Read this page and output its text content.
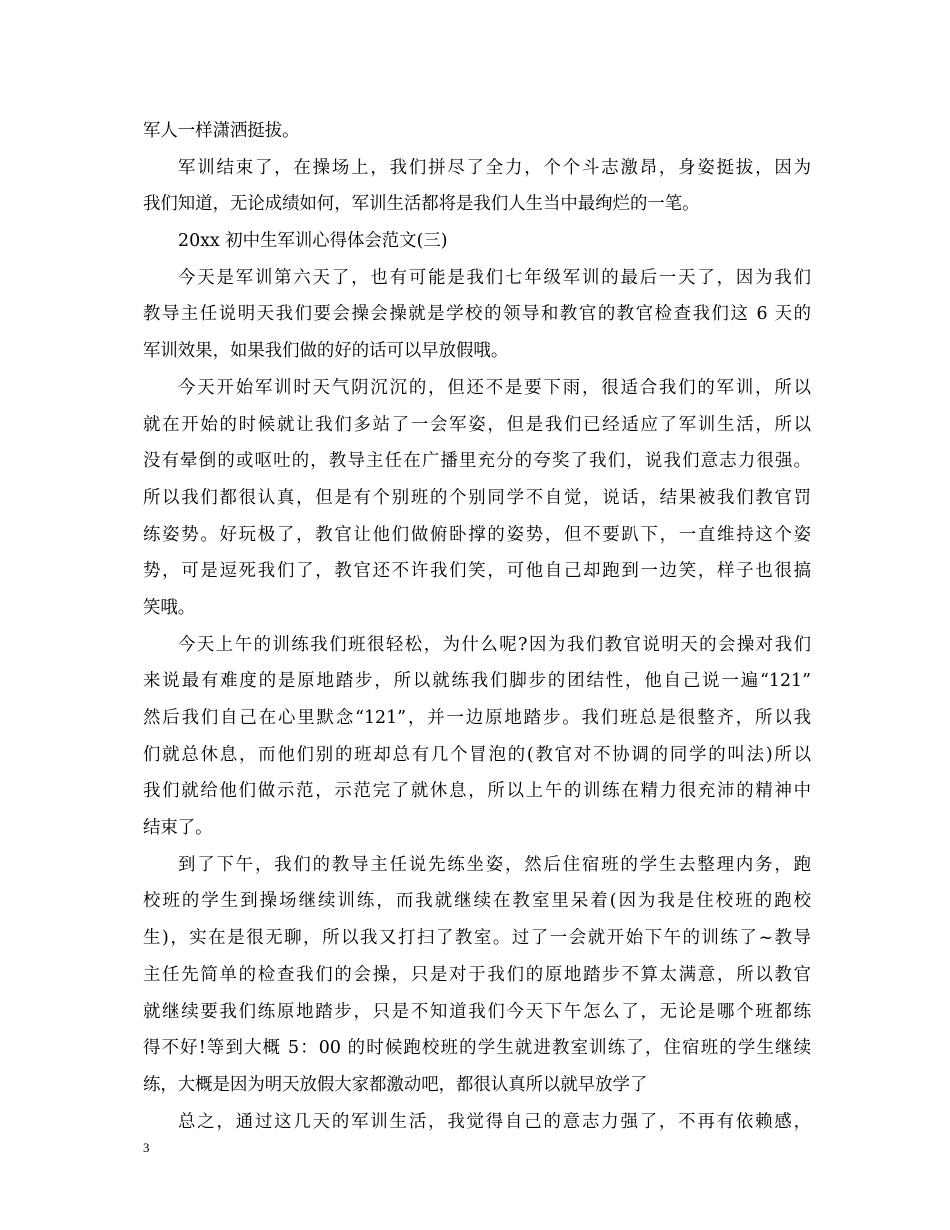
军人一样潇洒挺拔。
军训结束了，在操场上，我们拼尽了全力，个个斗志激昂，身姿挺拔，因为
我们知道，无论成绩如何，军训生活都将是我们人生当中最绚烂的一笔。
20xx 初中生军训心得体会范文(三)
今天是军训第六天了，也有可能是我们七年级军训的最后一天了，因为我们
教导主任说明天我们要会操会操就是学校的领导和教官的教官检查我们这 6 天的
军训效果，如果我们做的好的话可以早放假哦。
今天开始军训时天气阴沉沉的，但还不是要下雨，很适合我们的军训，所以
就在开始的时候就让我们多站了一会军姿，但是我们已经适应了军训生活，所以
没有晕倒的或呕吐的，教导主任在广播里充分的夸奖了我们，说我们意志力很强。
所以我们都很认真，但是有个别班的个别同学不自觉，说话，结果被我们教官罚
练姿势。好玩极了，教官让他们做俯卧撑的姿势，但不要趴下，一直维持这个姿
势，可是逗死我们了，教官还不许我们笑，可他自己却跑到一边笑，样子也很搞
笑哦。
今天上午的训练我们班很轻松，为什么呢?因为我们教官说明天的会操对我们
来说最有难度的是原地踏步，所以就练我们脚步的团结性，他自己说一遍“121”
然后我们自己在心里默念“121”，并一边原地踏步。我们班总是很整齐，所以我
们就总休息，而他们别的班却总有几个冒泡的(教官对不协调的同学的叫法)所以
我们就给他们做示范，示范完了就休息，所以上午的训练在精力很充沛的精神中
结束了。
到了下午，我们的教导主任说先练坐姿，然后住宿班的学生去整理内务，跑
校班的学生到操场继续训练，而我就继续在教室里呆着(因为我是住校班的跑校
生)，实在是很无聊，所以我又打扫了教室。过了一会就开始下午的训练了~教导
主任先简单的检查我们的会操，只是对于我们的原地踏步不算太满意，所以教官
就继续要我们练原地踏步，只是不知道我们今天下午怎么了，无论是哪个班都练
得不好!等到大概 5：00 的时候跑校班的学生就进教室训练了，住宿班的学生继续
练，大概是因为明天放假大家都激动吧，都很认真所以就早放学了
总之，通过这几天的军训生活，我觉得自己的意志力强了，不再有依赖感，
3
